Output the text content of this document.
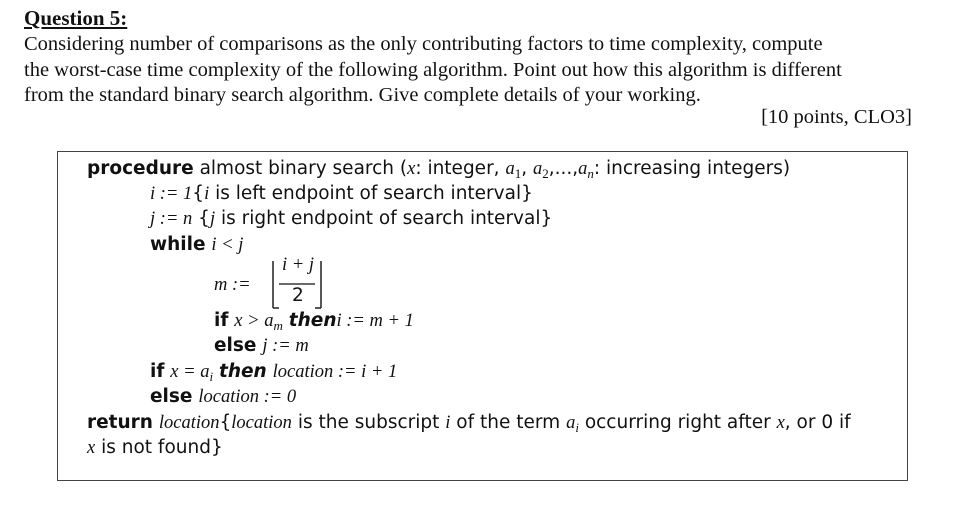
Question 5:
Considering number of comparisons as the only contributing factors to time complexity, compute
the worst-case time complexity of the following algorithm. Point out how this algorithm is different
from the standard binary search algorithm. Give complete details of your working.
[10 points, CLO3]
procedure almost binary search (x: integer, $a_1$, $a_2,...,a_n$: increasing integers)
i := 1{i is left endpoint of search interval}
j := n {j is right endpoint of search interval}
while i < j
m :=
i + j
2
if $x > a_m$ theni := m + 1
else j := m
if $x = a_i$ then location := i + 1
else location := 0
return location{location is the subscript i of the term $a_i$ occurring right after x, or 0 if
x is not found}
